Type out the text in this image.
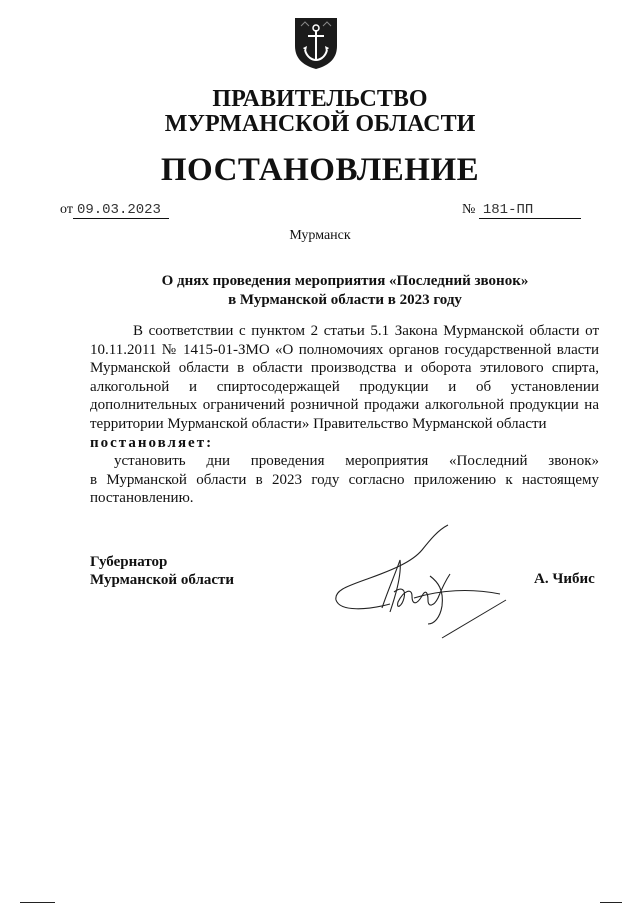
ПРАВИТЕЛЬСТВО
МУРМАНСКОЙ ОБЛАСТИ
ПОСТАНОВЛЕНИЕ
от 09.03.2023	№ 181-ПП
Мурманск
О днях проведения мероприятия «Последний звонок»
в Мурманской области в 2023 году

В соответствии с пунктом 2 статьи 5.1 Закона Мурманской области от 10.11.2011 № 1415-01-ЗМО «О полномочиях органов государственной власти Мурманской области в области производства и оборота этилового спирта, алкогольной и спиртосодержащей продукции и об установлении дополнительных ограничений розничной продажи алкогольной продукции на территории Мурманской области» Правительство Мурманской области

постановляет:

установить дни проведения мероприятия «Последний звонок»

в Мурманской области в 2023 году согласно приложению к настоящему

постановлению.

Губернатор
Мурманской области	А. Чибис
